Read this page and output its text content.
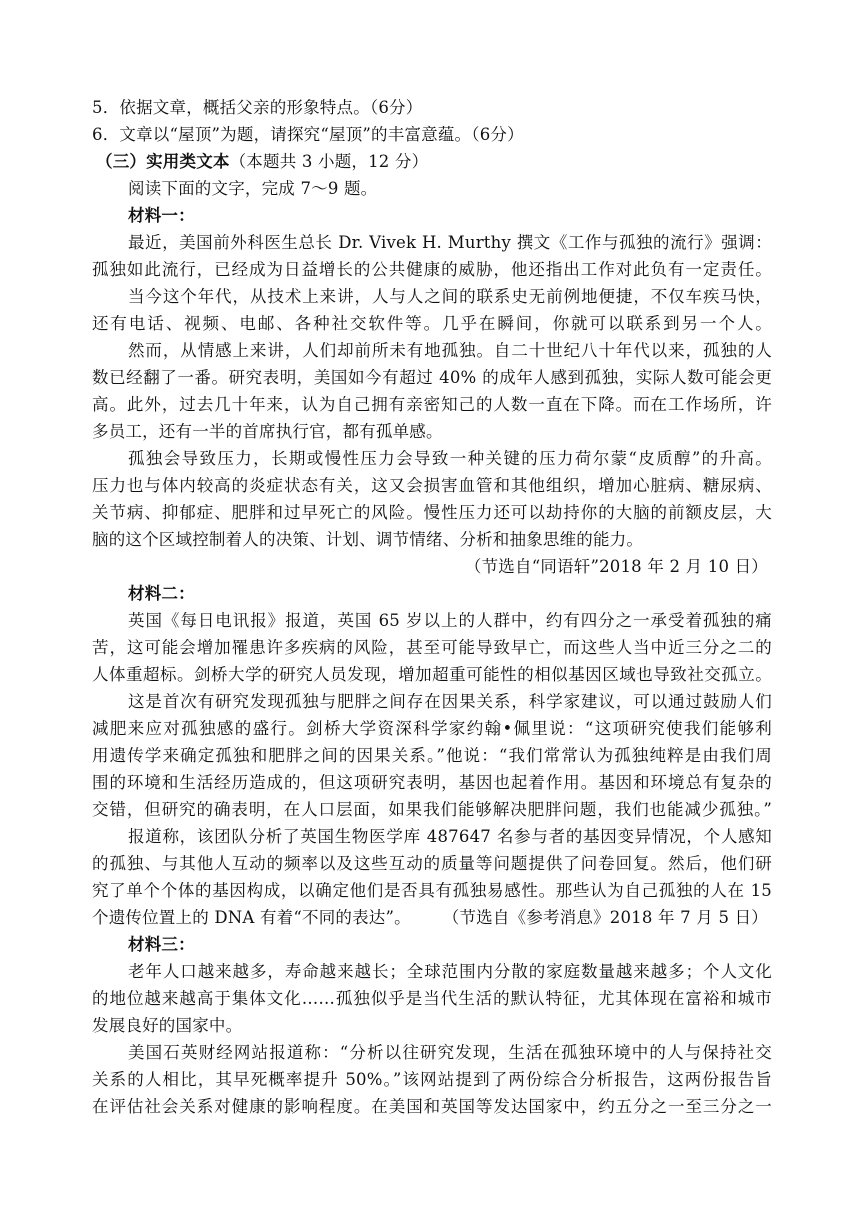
5．依据文章，概括父亲的形象特点。（6分）
6．文章以“屋顶”为题，请探究“屋顶”的丰富意蕴。（6分）
（三）实用类文本（本题共 3 小题，12 分）
阅读下面的文字，完成 7～9 题。
材料一：
最近，美国前外科医生总长 Dr. Vivek H. Murthy 撰文《工作与孤独的流行》强调：
孤独如此流行，已经成为日益增长的公共健康的威胁，他还指出工作对此负有一定责任。
当今这个年代，从技术上来讲，人与人之间的联系史无前例地便捷，不仅车疾马快，
还有电话、视频、电邮、各种社交软件等。几乎在瞬间，你就可以联系到另一个人。
然而，从情感上来讲，人们却前所未有地孤独。自二十世纪八十年代以来，孤独的人
数已经翻了一番。研究表明，美国如今有超过 40% 的成年人感到孤独，实际人数可能会更
高。此外，过去几十年来，认为自己拥有亲密知己的人数一直在下降。而在工作场所，许
多员工，还有一半的首席执行官，都有孤单感。
孤独会导致压力，长期或慢性压力会导致一种关键的压力荷尔蒙“皮质醇”的升高。
压力也与体内较高的炎症状态有关，这又会损害血管和其他组织，增加心脏病、糖尿病、
关节病、抑郁症、肥胖和过早死亡的风险。慢性压力还可以劫持你的大脑的前额皮层，大
脑的这个区域控制着人的决策、计划、调节情绪、分析和抽象思维的能力。
（节选自“同语轩”2018 年 2 月 10 日）
材料二：
英国《每日电讯报》报道，英国 65 岁以上的人群中，约有四分之一承受着孤独的痛
苦，这可能会增加罹患许多疾病的风险，甚至可能导致早亡，而这些人当中近三分之二的
人体重超标。剑桥大学的研究人员发现，增加超重可能性的相似基因区域也导致社交孤立。
这是首次有研究发现孤独与肥胖之间存在因果关系，科学家建议，可以通过鼓励人们
减肥来应对孤独感的盛行。剑桥大学资深科学家约翰•佩里说：“这项研究使我们能够利
用遗传学来确定孤独和肥胖之间的因果关系。”他说：“我们常常认为孤独纯粹是由我们周
围的环境和生活经历造成的，但这项研究表明，基因也起着作用。基因和环境总有复杂的
交错，但研究的确表明，在人口层面，如果我们能够解决肥胖问题，我们也能减少孤独。”
报道称，该团队分析了英国生物医学库 487647 名参与者的基因变异情况，个人感知
的孤独、与其他人互动的频率以及这些互动的质量等问题提供了问卷回复。然后，他们研
究了单个个体的基因构成，以确定他们是否具有孤独易感性。那些认为自己孤独的人在 15
个遗传位置上的 DNA 有着“不同的表达”。 （节选自《参考消息》2018 年 7 月 5 日）
材料三：
老年人口越来越多，寿命越来越长；全球范围内分散的家庭数量越来越多；个人文化
的地位越来越高于集体文化……孤独似乎是当代生活的默认特征，尤其体现在富裕和城市
发展良好的国家中。
美国石英财经网站报道称：“分析以往研究发现，生活在孤独环境中的人与保持社交
关系的人相比，其早死概率提升 50%。”该网站提到了两份综合分析报告，这两份报告旨
在评估社会关系对健康的影响程度。在美国和英国等发达国家中，约五分之一至三分之一
